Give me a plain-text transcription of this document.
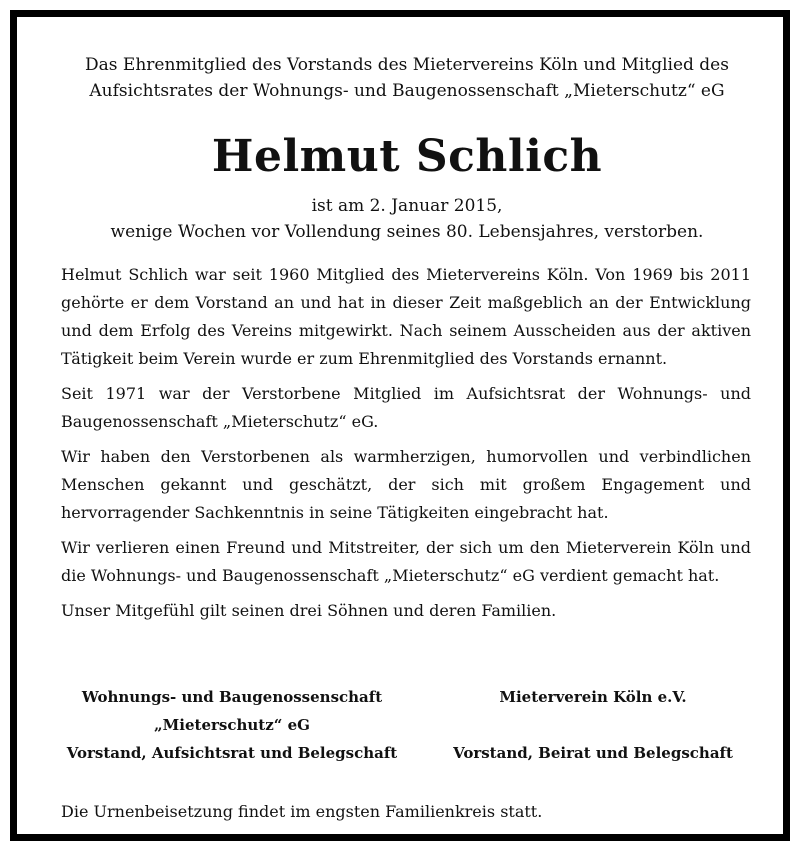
Das Ehrenmitglied des Vorstands des Mietervereins Köln und Mitglied des

Aufsichtsrates der Wohnungs- und Baugenossenschaft „Mieterschutz“ eG

Helmut Schlich

ist am 2. Januar 2015,

wenige Wochen vor Vollendung seines 80. Lebensjahres, verstorben.

Helmut Schlich war seit 1960 Mitglied des Mietervereins Köln. Von 1969 bis 2011 gehörte er dem Vorstand an und hat in dieser Zeit maßgeblich an der Entwicklung und dem Erfolg des Vereins mitgewirkt. Nach seinem Ausscheiden aus der aktiven Tätigkeit beim Verein wurde er zum Ehrenmitglied des Vorstands ernannt.

Seit 1971 war der Verstorbene Mitglied im Aufsichtsrat der Wohnungs- und Baugenossenschaft „Mieterschutz“ eG.

Wir haben den Verstorbenen als warmherzigen, humorvollen und verbindlichen Menschen gekannt und geschätzt, der sich mit großem Engagement und hervorragender Sachkenntnis in seine Tätigkeiten eingebracht hat.

Wir verlieren einen Freund und Mitstreiter, der sich um den Mieterverein Köln und die Wohnungs- und Baugenossenschaft „Mieterschutz“ eG verdient gemacht hat.

Unser Mitgefühl gilt seinen drei Söhnen und deren Familien.

Wohnungs- und Baugenossenschaft

„Mieterschutz“ eG

Vorstand, Aufsichtsrat und Belegschaft

Mieterverein Köln e.V.

Vorstand, Beirat und Belegschaft

Die Urnenbeisetzung findet im engsten Familienkreis statt.
